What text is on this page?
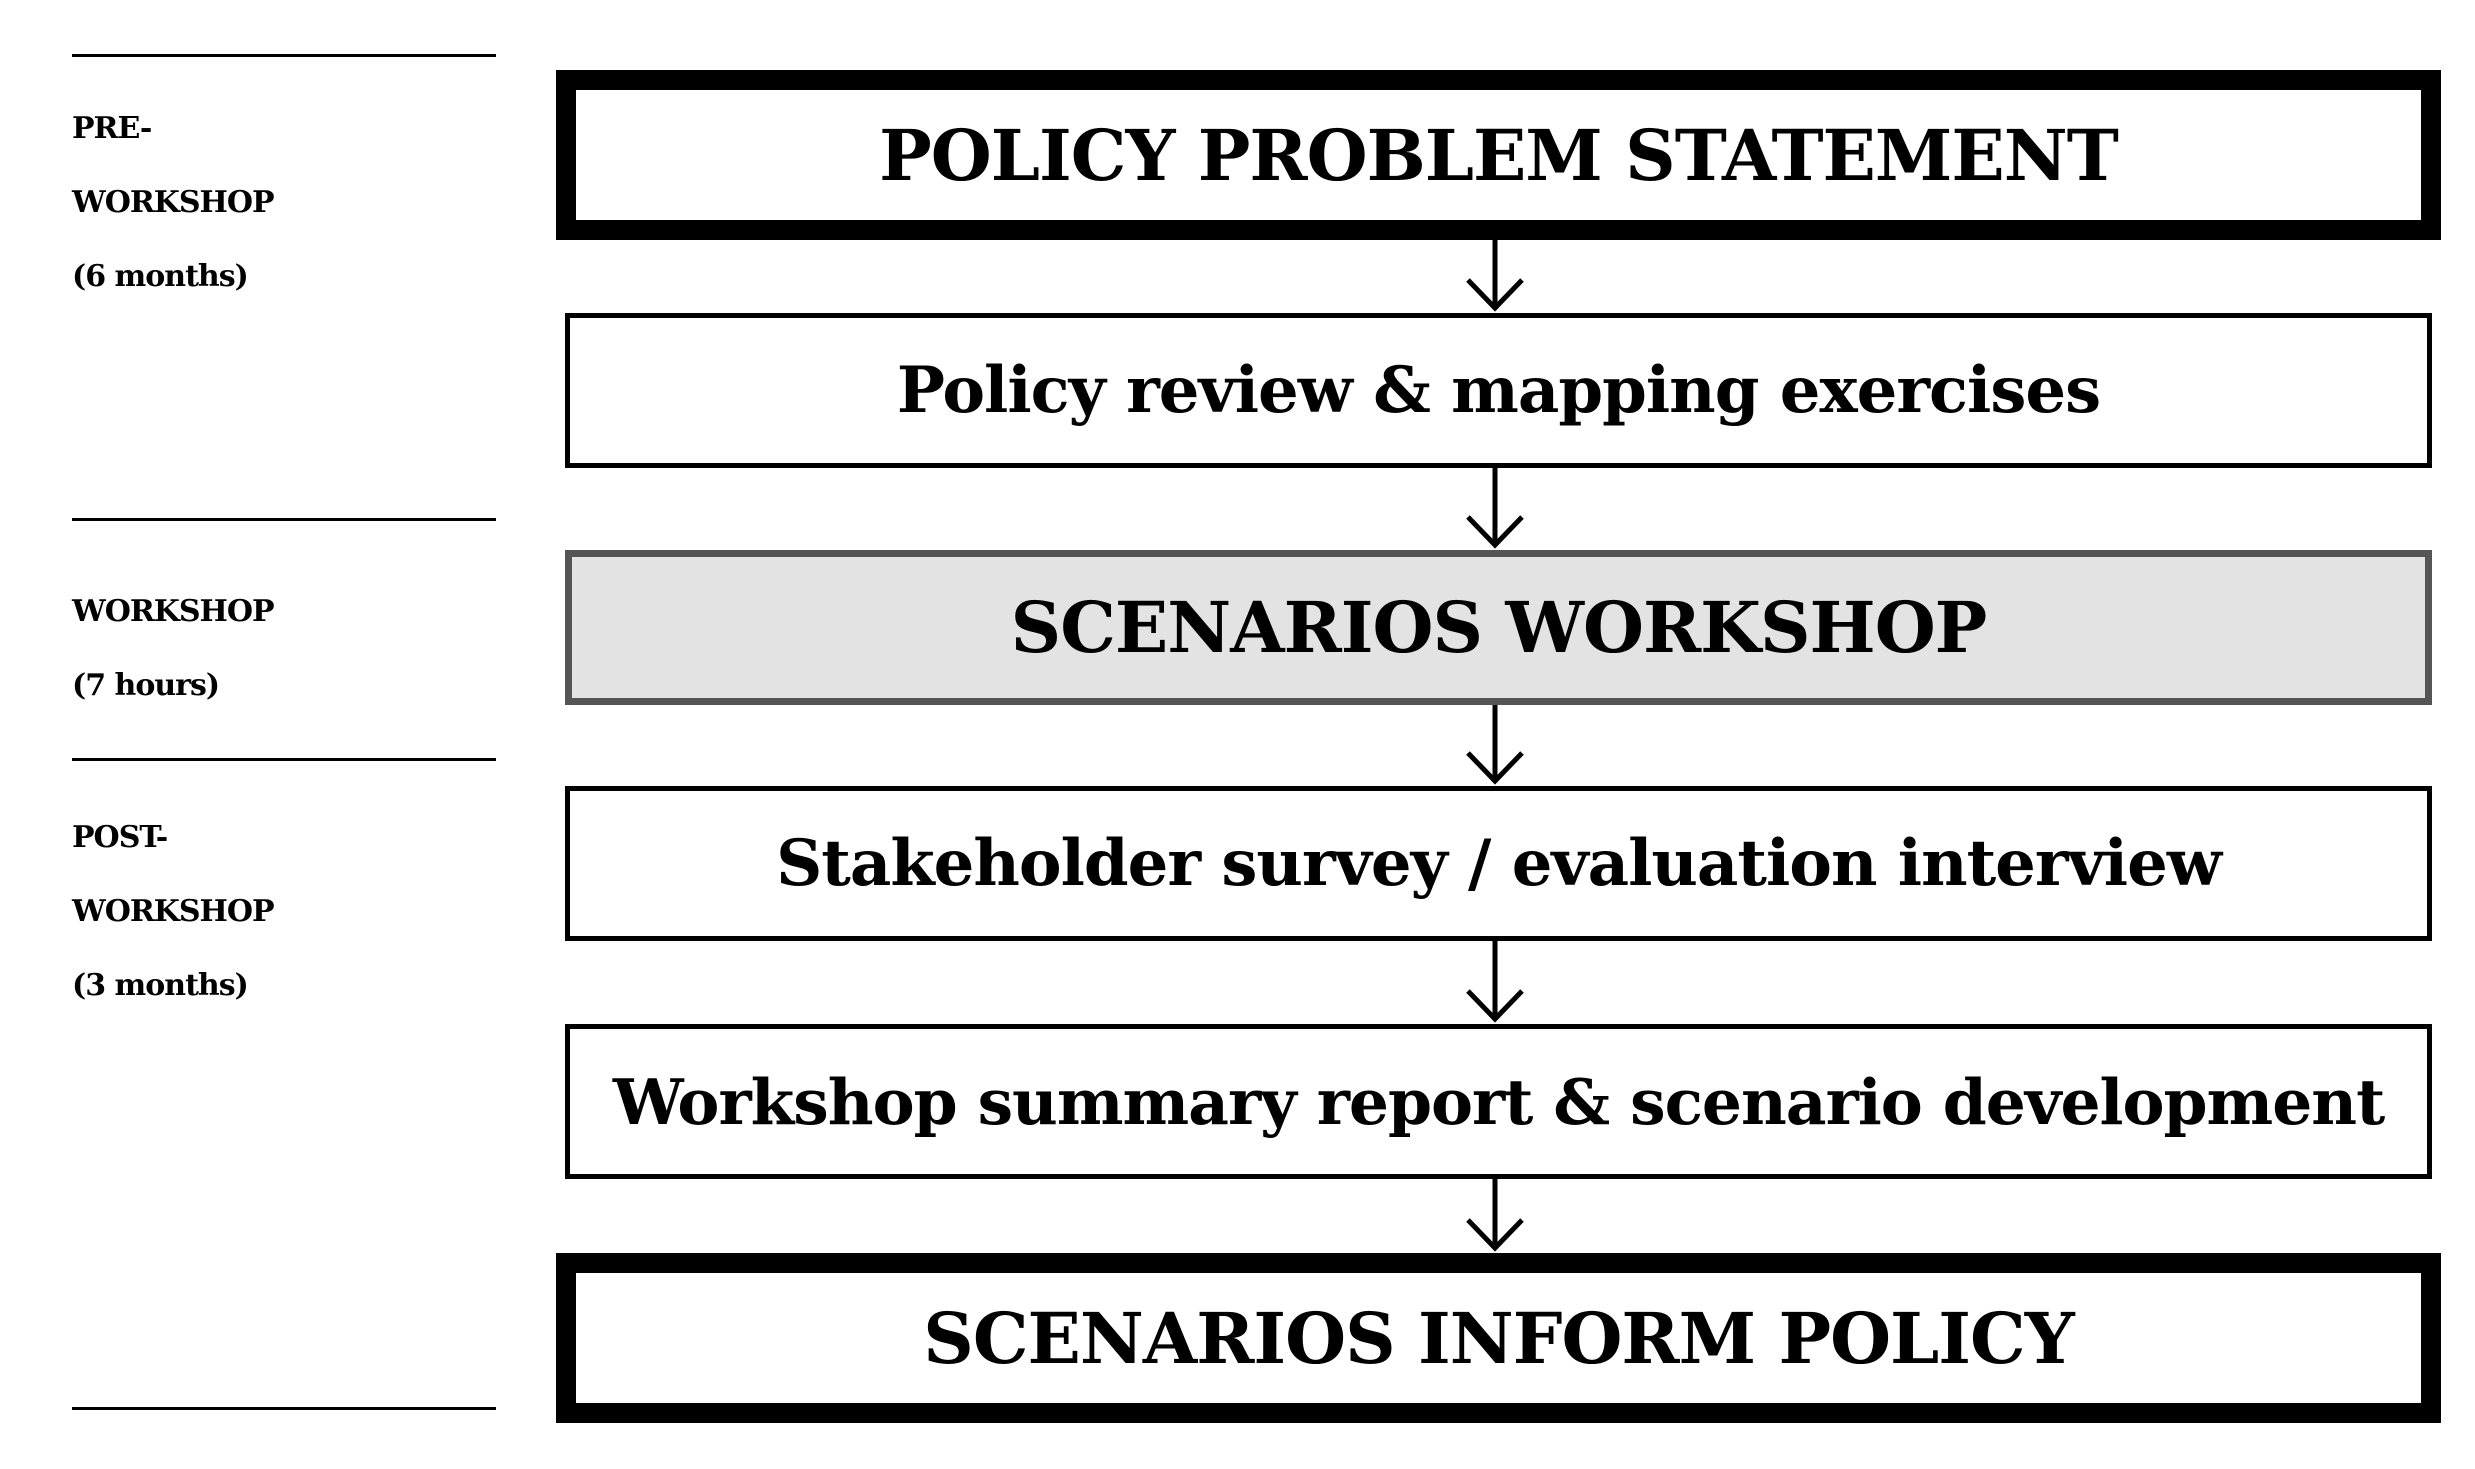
PRE-
WORKSHOP
(6 months)
WORKSHOP
(7 hours)
POST-
WORKSHOP
(3 months)
POLICY PROBLEM STATEMENT
Policy review & mapping exercises
SCENARIOS WORKSHOP
Stakeholder survey / evaluation interview
Workshop summary report & scenario development
SCENARIOS INFORM POLICY
